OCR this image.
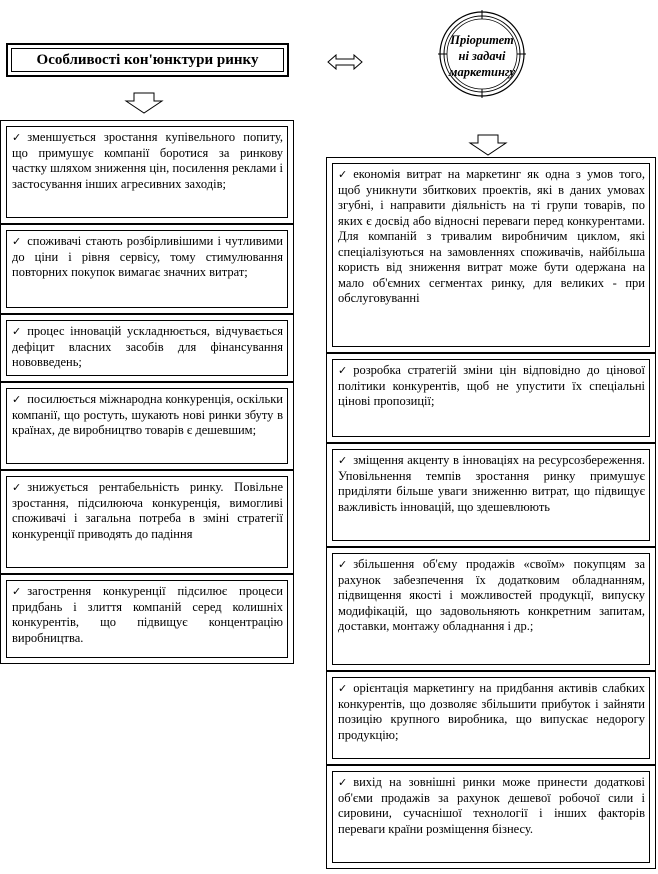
Особливості кон'юнктури ринку
Пріоритет
ні задачі
маркетингу
✓ зменшується зростання купівельного попиту, що примушує компанії боротися за ринкову частку шляхом зниження цін, посилення реклами і застосування інших агресивних заходів;
✓ споживачі стають розбірливішими і чутливими до ціни і рівня сервісу, тому стимулювання повторних покупок вимагає значних витрат;
✓ процес інновацій ускладнюється, відчувається дефіцит власних засобів для фінансування нововведень;
✓ посилюється міжнародна конкуренція, оскільки компанії, що ростуть, шукають нові ринки збуту в країнах, де виробництво товарів є дешевшим;
✓ знижується рентабельність ринку. Повільне зростання, підсилююча конкуренція, вимогливі споживачі і загальна потреба в зміні стратегії конкуренції приводять до падіння
✓ загострення конкуренції підсилює процеси придбань і злиття компаній серед колишніх конкурентів, що підвищує концентрацію виробництва.
✓ економія витрат на маркетинг як одна з умов того, щоб уникнути збиткових проектів, які в даних умовах згубні, і направити діяльність на ті групи товарів, по яких є досвід або відносні переваги перед конкурентами. Для компаній з тривалим виробничим циклом, які спеціалізуються на замовленнях споживачів, найбільша користь від зниження витрат може бути одержана на мало об'ємних сегментах ринку, для великих - при обслуговуванні
✓ розробка стратегій зміни цін відповідно до цінової політики конкурентів, щоб не упустити їх спеціальні цінові пропозиції;
✓ зміщення акценту в інноваціях на ресурсозбереження. Уповільнення темпів зростання ринку примушує приділяти більше уваги зниженню витрат, що підвищує важливість інновацій, що здешевлюють
✓ збільшення об'єму продажів «своїм» покупцям за рахунок забезпечення їх додатковим обладнанням, підвищення якості і можливостей продукції, випуску модифікацій, що задовольняють конкретним запитам, доставки, монтажу обладнання і др.;
✓ орієнтація маркетингу на придбання активів слабких конкурентів, що дозволяє збільшити прибуток і зайняти позицію крупного виробника, що випускає недорогу продукцію;
✓ вихід на зовнішні ринки може принести додаткові об'єми продажів за рахунок дешевої робочої сили і сировини, сучаснішої технології і інших факторів переваги країни розміщення бізнесу.
